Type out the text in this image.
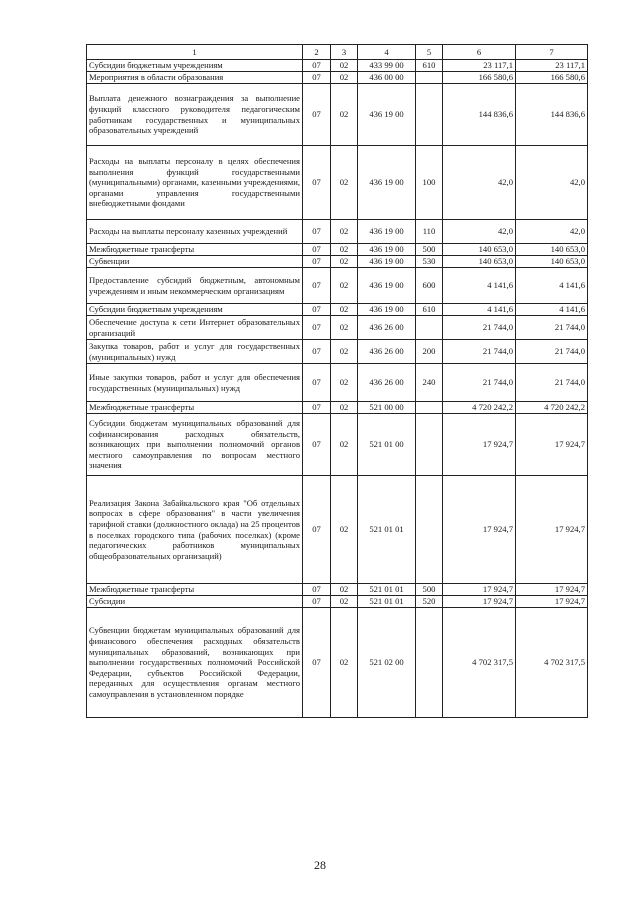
1	2	3	4	5	6	7
Субсидии бюджетным учреждениям	07	02	433 99 00	610	23 117,1	23 117,1
Мероприятия в области образования	07	02	436 00 00		166 580,6	166 580,6
Выплата денежного вознаграждения за выполнение функций классного руководителя педагогическим работникам государственных и муниципальных образовательных учреждений	07	02	436 19 00		144 836,6	144 836,6
Расходы на выплаты персоналу в целях обеспечения выполнения функций государственными (муниципальными) органами, казенными учреждениями, органами управления государственными внебюджетными фондами	07	02	436 19 00	100	42,0	42,0
Расходы на выплаты персоналу казенных учреждений	07	02	436 19 00	110	42,0	42,0
Межбюджетные трансферты	07	02	436 19 00	500	140 653,0	140 653,0
Субвенции	07	02	436 19 00	530	140 653,0	140 653,0
Предоставление субсидий бюджетным, автономным учреждениям и иным некоммерческим организациям	07	02	436 19 00	600	4 141,6	4 141,6
Субсидии бюджетным учреждениям	07	02	436 19 00	610	4 141,6	4 141,6
Обеспечение доступа к сети Интернет образовательных организаций	07	02	436 26 00		21 744,0	21 744,0
Закупка товаров, работ и услуг для государственных (муниципальных) нужд	07	02	436 26 00	200	21 744,0	21 744,0
Иные закупки товаров, работ и услуг для обеспечения государственных (муниципальных) нужд	07	02	436 26 00	240	21 744,0	21 744,0
Межбюджетные трансферты	07	02	521 00 00		4 720 242,2	4 720 242,2
Субсидии бюджетам муниципальных образований для софинансирования расходных обязательств, возникающих при выполнении полномочий органов местного самоуправления по вопросам местного значения	07	02	521 01 00		17 924,7	17 924,7
Реализация Закона Забайкальского края "Об отдельных вопросах в сфере образования" в части увеличения тарифной ставки (должностного оклада) на 25 процентов в поселках городского типа (рабочих поселках) (кроме педагогических работников муниципальных общеобразовательных организаций)	07	02	521 01 01		17 924,7	17 924,7
Межбюджетные трансферты	07	02	521 01 01	500	17 924,7	17 924,7
Субсидии	07	02	521 01 01	520	17 924,7	17 924,7
Субвенции бюджетам муниципальных образований для финансового обеспечения расходных обязательств муниципальных образований, возникающих при выполнении государственных полномочий Российской Федерации, субъектов Российской Федерации, переданных для осуществления органам местного самоуправления в установленном порядке	07	02	521 02 00		4 702 317,5	4 702 317,5
28
